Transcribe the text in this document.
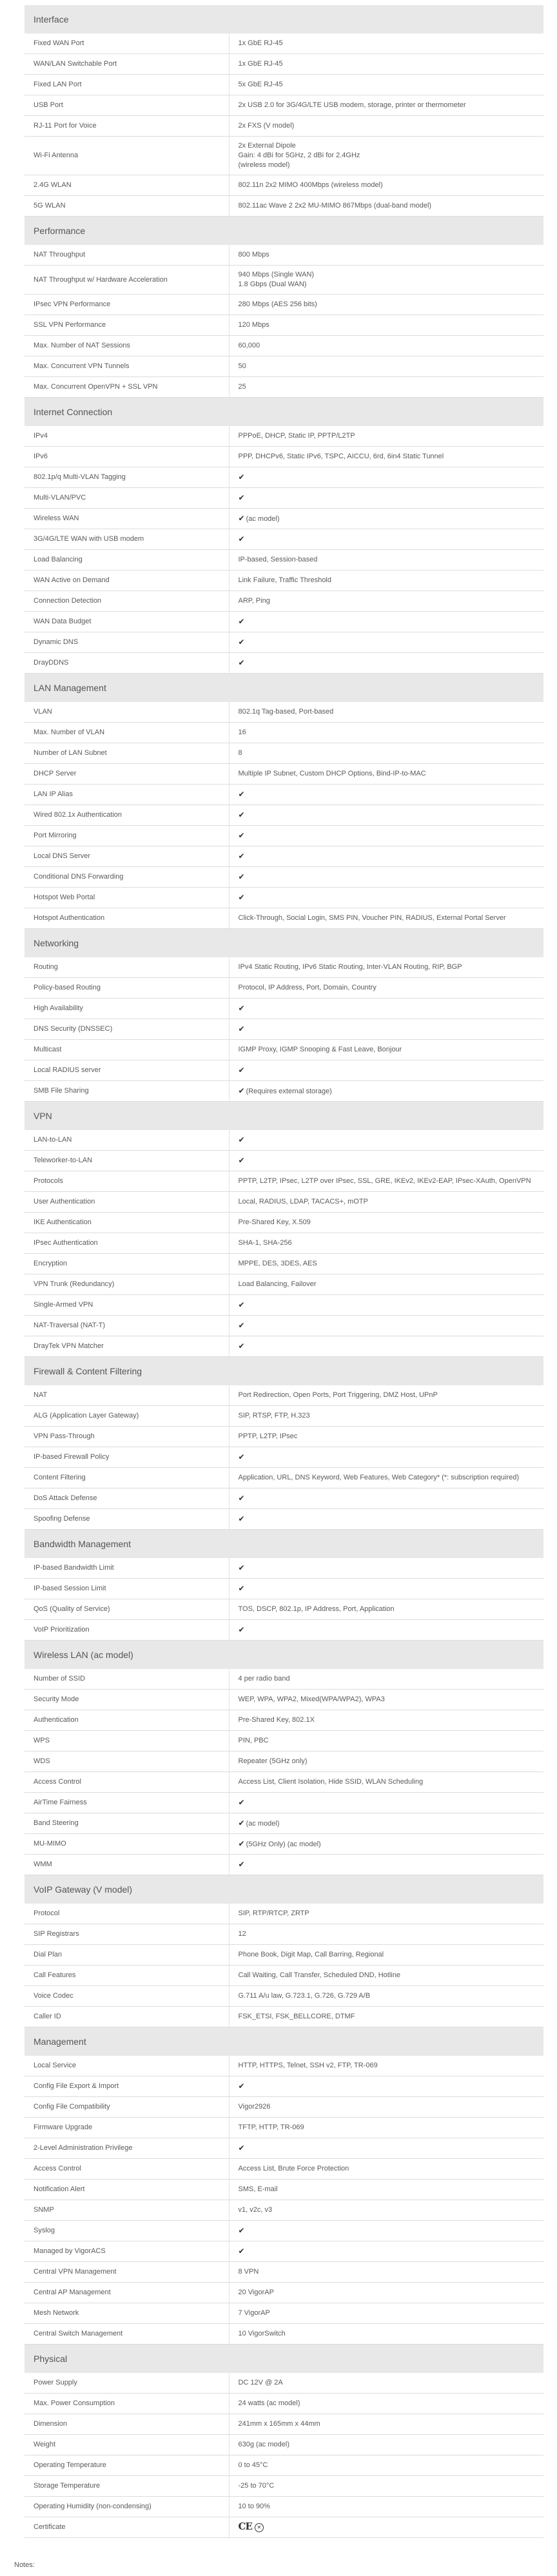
Interface	
Fixed WAN Port	1x GbE RJ-45
WAN/LAN Switchable Port	1x GbE RJ-45
Fixed LAN Port	5x GbE RJ-45
USB Port	2x USB 2.0 for 3G/4G/LTE USB modem, storage, printer or thermometer
RJ-11 Port for Voice	2x FXS (V model)
Wi-Fi Antenna	2x External Dipole
Gain: 4 dBi for 5GHz, 2 dBi for 2.4GHz
(wireless model)
2.4G WLAN	802.11n 2x2 MIMO 400Mbps (wireless model)
5G WLAN	802.11ac Wave 2 2x2 MU-MIMO 867Mbps (dual-band model)
Performance	
NAT Throughput	800 Mbps
NAT Throughput w/ Hardware Acceleration	940 Mbps (Single WAN)
1.8 Gbps (Dual WAN)
IPsec VPN Performance	280 Mbps (AES 256 bits)
SSL VPN Performance	120 Mbps
Max. Number of NAT Sessions	60,000
Max. Concurrent VPN Tunnels	50
Max. Concurrent OpenVPN + SSL VPN	25
Internet Connection	
IPv4	PPPoE, DHCP, Static IP, PPTP/L2TP
IPv6	PPP, DHCPv6, Static IPv6, TSPC, AICCU, 6rd, 6in4 Static Tunnel
802.1p/q Multi-VLAN Tagging	✔
Multi-VLAN/PVC	✔
Wireless WAN	✔ (ac model)
3G/4G/LTE WAN with USB modem	✔
Load Balancing	IP-based, Session-based
WAN Active on Demand	Link Failure, Traffic Threshold
Connection Detection	ARP, Ping
WAN Data Budget	✔
Dynamic DNS	✔
DrayDDNS	✔
LAN Management	
VLAN	802.1q Tag-based, Port-based
Max. Number of VLAN	16
Number of LAN Subnet	8
DHCP Server	Multiple IP Subnet, Custom DHCP Options, Bind-IP-to-MAC
LAN IP Alias	✔
Wired 802.1x Authentication	✔
Port Mirroring	✔
Local DNS Server	✔
Conditional DNS Forwarding	✔
Hotspot Web Portal	✔
Hotspot Authentication	Click-Through, Social Login, SMS PIN, Voucher PIN, RADIUS, External Portal Server
Networking	
Routing	IPv4 Static Routing, IPv6 Static Routing, Inter-VLAN Routing, RIP, BGP
Policy-based Routing	Protocol, IP Address, Port, Domain, Country
High Availability	✔
DNS Security (DNSSEC)	✔
Multicast	IGMP Proxy, IGMP Snooping & Fast Leave, Bonjour
Local RADIUS server	✔
SMB File Sharing	✔ (Requires external storage)
VPN	
LAN-to-LAN	✔
Teleworker-to-LAN	✔
Protocols	PPTP, L2TP, IPsec, L2TP over IPsec, SSL, GRE, IKEv2, IKEv2-EAP, IPsec-XAuth, OpenVPN
User Authentication	Local, RADIUS, LDAP, TACACS+, mOTP
IKE Authentication	Pre-Shared Key, X.509
IPsec Authentication	SHA-1, SHA-256
Encryption	MPPE, DES, 3DES, AES
VPN Trunk (Redundancy)	Load Balancing, Failover
Single-Armed VPN	✔
NAT-Traversal (NAT-T)	✔
DrayTek VPN Matcher	✔
Firewall & Content Filtering	
NAT	Port Redirection, Open Ports, Port Triggering, DMZ Host, UPnP
ALG (Application Layer Gateway)	SIP, RTSP, FTP, H.323
VPN Pass-Through	PPTP, L2TP, IPsec
IP-based Firewall Policy	✔
Content Filtering	Application, URL, DNS Keyword, Web Features, Web Category* (*: subscription required)
DoS Attack Defense	✔
Spoofing Defense	✔
Bandwidth Management	
IP-based Bandwidth Limit	✔
IP-based Session Limit	✔
QoS (Quality of Service)	TOS, DSCP, 802.1p, IP Address, Port, Application
VoIP Prioritization	✔
Wireless LAN (ac model)	
Number of SSID	4 per radio band
Security Mode	WEP, WPA, WPA2, Mixed(WPA/WPA2), WPA3
Authentication	Pre-Shared Key, 802.1X
WPS	PIN, PBC
WDS	Repeater (5GHz only)
Access Control	Access List, Client Isolation, Hide SSID, WLAN Scheduling
AirTime Fairness	✔
Band Steering	✔ (ac model)
MU-MIMO	✔ (5GHz Only) (ac model)
WMM	✔
VoIP Gateway (V model)	
Protocol	SIP, RTP/RTCP, ZRTP
SIP Registrars	12
Dial Plan	Phone Book, Digit Map, Call Barring, Regional
Call Features	Call Waiting, Call Transfer, Scheduled DND, Hotline
Voice Codec	G.711 A/u law, G.723.1, G.726, G.729 A/B
Caller ID	FSK_ETSI, FSK_BELLCORE, DTMF
Management	
Local Service	HTTP, HTTPS, Telnet, SSH v2, FTP, TR-069
Config File Export & Import	✔
Config File Compatibility	Vigor2926
Firmware Upgrade	TFTP, HTTP, TR-069
2-Level Administration Privilege	✔
Access Control	Access List, Brute Force Protection
Notification Alert	SMS, E-mail
SNMP	v1, v2c, v3
Syslog	✔
Managed by VigorACS	✔
Central VPN Management	8 VPN
Central AP Management	20 VigorAP
Mesh Network	7 VigorAP
Central Switch Management	10 VigorSwitch
Physical	
Power Supply	DC 12V @ 2A
Max. Power Consumption	24 watts (ac model)
Dimension	241mm x 165mm x 44mm
Weight	630g (ac model)
Operating Temperature	0 to 45°C
Storage Temperature	-25 to 70°C
Operating Humidity (non-condensing)	10 to 90%
Certificate	CE ✕
Notes:
